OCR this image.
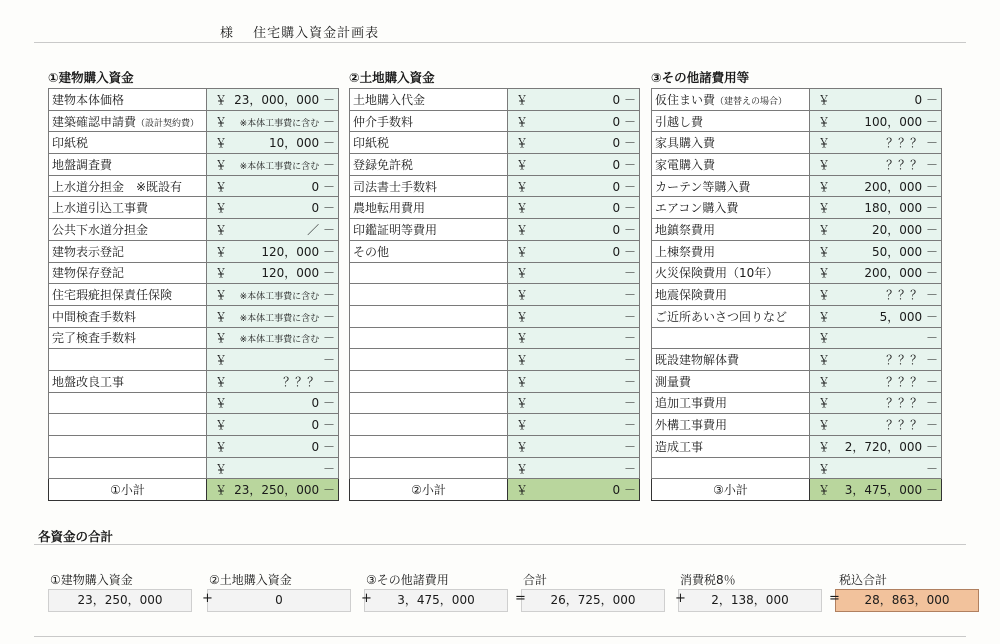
様 住宅購入資金計画表
①建物購入資金
建物本体価格	￥ 23，000，000 －

建築確認申請費（設計契約費）	￥ ※本体工事費に含む －

印紙税	￥ 10，000 －

地盤調査費	￥ ※本体工事費に含む －

上水道分担金　※既設有	￥ 0 －

上水道引込工事費	￥ 0 －

公共下水道分担金	￥ ／ －

建物表示登記	￥ 120，000 －

建物保存登記	￥ 120，000 －

住宅瑕疵担保責任保険	￥ ※本体工事費に含む －

中間検査手数料	￥ ※本体工事費に含む －

完了検査手数料	￥ ※本体工事費に含む －

	￥ －

地盤改良工事	￥ ？？？ －

	￥ 0 －

	￥ 0 －

	￥ 0 －

	￥ －

①小計	￥ 23，250，000 －
②土地購入資金
土地購入代金	￥ 0 －

仲介手数料	￥ 0 －

印紙税	￥ 0 －

登録免許税	￥ 0 －

司法書士手数料	￥ 0 －

農地転用費用	￥ 0 －

印鑑証明等費用	￥ 0 －

その他	￥ 0 －

	￥ －

	￥ －

	￥ －

	￥ －

	￥ －

	￥ －

	￥ －

	￥ －

	￥ －

	￥ －

②小計	￥ 0 －
③その他諸費用等
仮住まい費（建替えの場合）	￥ 0 －

引越し費	￥ 100，000 －

家具購入費	￥ ？？？ －

家電購入費	￥ ？？？ －

カーテン等購入費	￥ 200，000 －

エアコン購入費	￥ 180，000 －

地鎮祭費用	￥ 20，000 －

上棟祭費用	￥ 50，000 －

火災保険費用（10年）	￥ 200，000 －

地震保険費用	￥ ？？？ －

ご近所あいさつ回りなど	￥ 5，000 －

	￥ －

既設建物解体費	￥ ？？？ －

測量費	￥ ？？？ －

追加工事費用	￥ ？？？ －

外構工事費用	￥ ？？？ －

造成工事	￥ 2，720，000 －

	￥ －

③小計	￥ 3，475，000 －
各資金の合計
①建物購入資金
23，250，000
②土地購入資金
0
③その他諸費用
3，475，000
合計
26，725，000
消費税8％
2，138，000
税込合計
28，863，000
+	+	=	+	=
